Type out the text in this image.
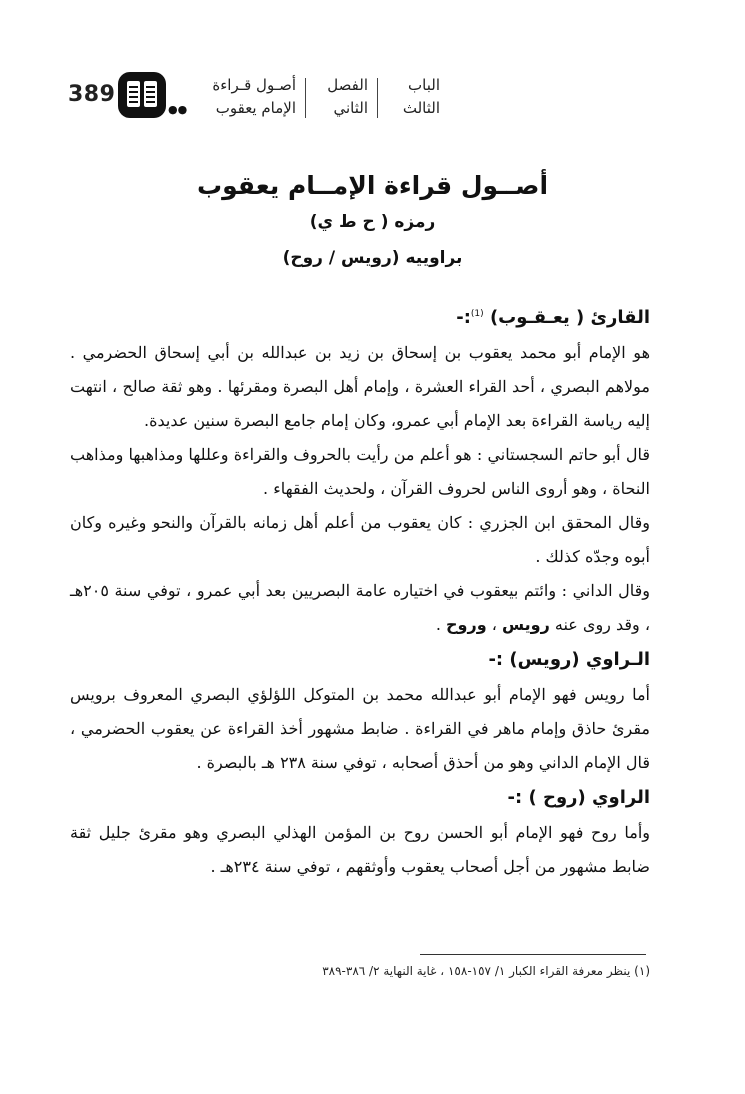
389
●●
الباب
الثالث
الفصل
الثاني
أصـول قـراءة
الإمام يعقوب

أصــول قراءة الإمــام يعقوب

رمزه ( ح ط ي)

براوييه (رويس / روح)

القارئ ( يعـقـوب) $^{(1)}$:-

هو الإمام أبو محمد يعقوب بن إسحاق بن زيد بن عبدالله بن أبي إسحاق الحضرمي . مولاهم البصري ، أحد القراء العشرة ، وإمام أهل البصرة ومقرئها . وهو ثقة صالح ، انتهت إليه رياسة القراءة بعد الإمام أبي عمرو، وكان إمام جامع البصرة سنين عديدة.

قال أبو حاتم السجستاني : هو أعلم من رأيت بالحروف والقراءة وعللها ومذاهبها ومذاهب النحاة ، وهو أروى الناس لحروف القرآن ، ولحديث الفقهاء .

وقال المحقق ابن الجزري : كان يعقوب من أعلم أهل زمانه بالقرآن والنحو وغيره وكان أبوه وجدّه كذلك .

وقال الداني : وائتم بيعقوب في اختياره عامة البصريين بعد أبي عمرو ، توفي سنة ٢٠٥هـ ، وقد روى عنه رويس ، وروح .

الـراوي (رويس) :-

أما رويس فهو الإمام أبو عبدالله محمد بن المتوكل اللؤلؤي البصري المعروف برويس مقرئ حاذق وإمام ماهر في القراءة . ضابط مشهور أخذ القراءة عن يعقوب الحضرمي ، قال الإمام الداني وهو من أحذق أصحابه ، توفي سنة ٢٣٨ هـ بالبصرة .

الراوي (روح ) :-

وأما روح فهو الإمام أبو الحسن روح بن المؤمن الهذلي البصري وهو مقرئ جليل ثقة ضابط مشهور من أجل أصحاب يعقوب وأوثقهم ، توفي سنة ٢٣٤هـ .

(١) ينظر معرفة القراء الكبار ١/ ١٥٧-١٥٨ ، غاية النهاية ٢/ ٣٨٦-٣٨٩
